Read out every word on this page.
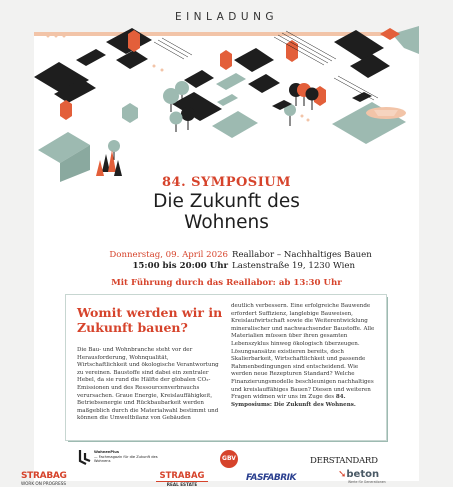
EINLADUNG
84. SYMPOSIUM
Die Zukunft des
Wohnens
Donnerstag, 09. April 2026
15:00 bis 20:00 Uhr
Reallabor – Nachhaltiges Bauen
Lastenstraße 19, 1230 Wien
Mit Führung durch das Reallabor: ab 13:30 Uhr
Womit werden wir in Zukunft bauen?
Die Bau- und Wohnbranche steht vor der Herausforderung, Wohnqualität, Wirtschaftlichkeit und ökologische Verantwortung zu vereinen. Baustoffe sind dabei ein zentraler Hebel, da sie rund die Hälfte der globalen CO₂-Emissionen und des Ressourcenverbrauchs verursachen. Graue Energie, Kreislauffähigkeit, Betriebsenergie und Rückbaubarkeit werden maßgeblich durch die Materialwahl bestimmt und können die Umweltbilanz von Gebäuden
deutlich verbessern. Eine erfolgreiche Bauwende erfordert Suffizienz, langlebige Bauweisen, Kreislaufwirtschaft sowie die Weiterentwicklung mineralischer und nachwachsender Baustoffe. Alle Materialien müssen über ihren gesamten Lebenszyklus hinweg ökologisch überzeugen. Lösungsansätze existieren bereits, doch Skalierbarkeit, Wirtschaftlichkeit und passende Rahmenbedingungen sind entscheidend. Wie werden neue Rezepturen Standard? Welche Finanzierungsmodelle beschleunigen nachhaltiges und kreislauffähiges Bauen? Diesen und weiteren Fragen widmen wir uns im Zuge des 84. Symposiums: Die Zukunft des Wohnens.
WohnenPlus
— Fachmagazin für die Zukunft des Wohnens	GBV	DERSTANDARD
STRABAG
WORK ON PROGRESS
STRABAG
REAL ESTATE
FASFABRIK	➘beton
Werte für Generationen
